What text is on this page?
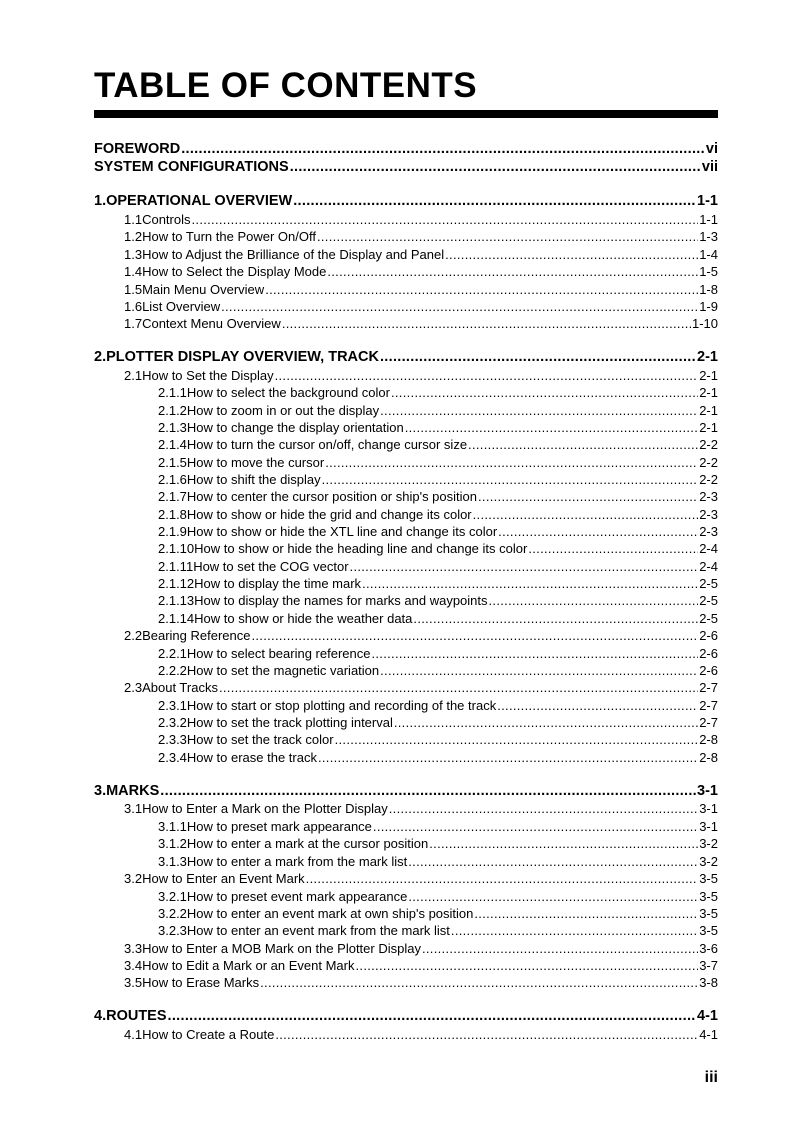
TABLE OF CONTENTS
FOREWORD .....	vi
SYSTEM CONFIGURATIONS .....	vii
1. OPERATIONAL OVERVIEW .....	1-1
1.1 Controls .....	1-1
1.2 How to Turn the Power On/Off .....	1-3
1.3 How to Adjust the Brilliance of the Display and Panel .....	1-4
1.4 How to Select the Display Mode .....	1-5
1.5 Main Menu Overview .....	1-8
1.6 List Overview .....	1-9
1.7 Context Menu Overview .....	1-10
2. PLOTTER DISPLAY OVERVIEW, TRACK .....	2-1
2.1 How to Set the Display .....	2-1
2.1.1 How to select the background color .....	2-1
2.1.2 How to zoom in or out the display .....	2-1
2.1.3 How to change the display orientation .....	2-1
2.1.4 How to turn the cursor on/off, change cursor size .....	2-2
2.1.5 How to move the cursor .....	2-2
2.1.6 How to shift the display .....	2-2
2.1.7 How to center the cursor position or ship's position .....	2-3
2.1.8 How to show or hide the grid and change its color .....	2-3
2.1.9 How to show or hide the XTL line and change its color .....	2-3
2.1.10 How to show or hide the heading line and change its color .....	2-4
2.1.11 How to set the COG vector .....	2-4
2.1.12 How to display the time mark .....	2-5
2.1.13 How to display the names for marks and waypoints .....	2-5
2.1.14 How to show or hide the weather data .....	2-5
2.2 Bearing Reference .....	2-6
2.2.1 How to select bearing reference .....	2-6
2.2.2 How to set the magnetic variation .....	2-6
2.3 About Tracks .....	2-7
2.3.1 How to start or stop plotting and recording of the track .....	2-7
2.3.2 How to set the track plotting interval .....	2-7
2.3.3 How to set the track color .....	2-8
2.3.4 How to erase the track .....	2-8
3. MARKS .....	3-1
3.1 How to Enter a Mark on the Plotter Display .....	3-1
3.1.1 How to preset mark appearance .....	3-1
3.1.2 How to enter a mark at the cursor position .....	3-2
3.1.3 How to enter a mark from the mark list .....	3-2
3.2 How to Enter an Event Mark .....	3-5
3.2.1 How to preset event mark appearance .....	3-5
3.2.2 How to enter an event mark at own ship's position .....	3-5
3.2.3 How to enter an event mark from the mark list .....	3-5
3.3 How to Enter a MOB Mark on the Plotter Display .....	3-6
3.4 How to Edit a Mark or an Event Mark .....	3-7
3.5 How to Erase Marks .....	3-8
4. ROUTES .....	4-1
4.1 How to Create a Route .....	4-1
iii
